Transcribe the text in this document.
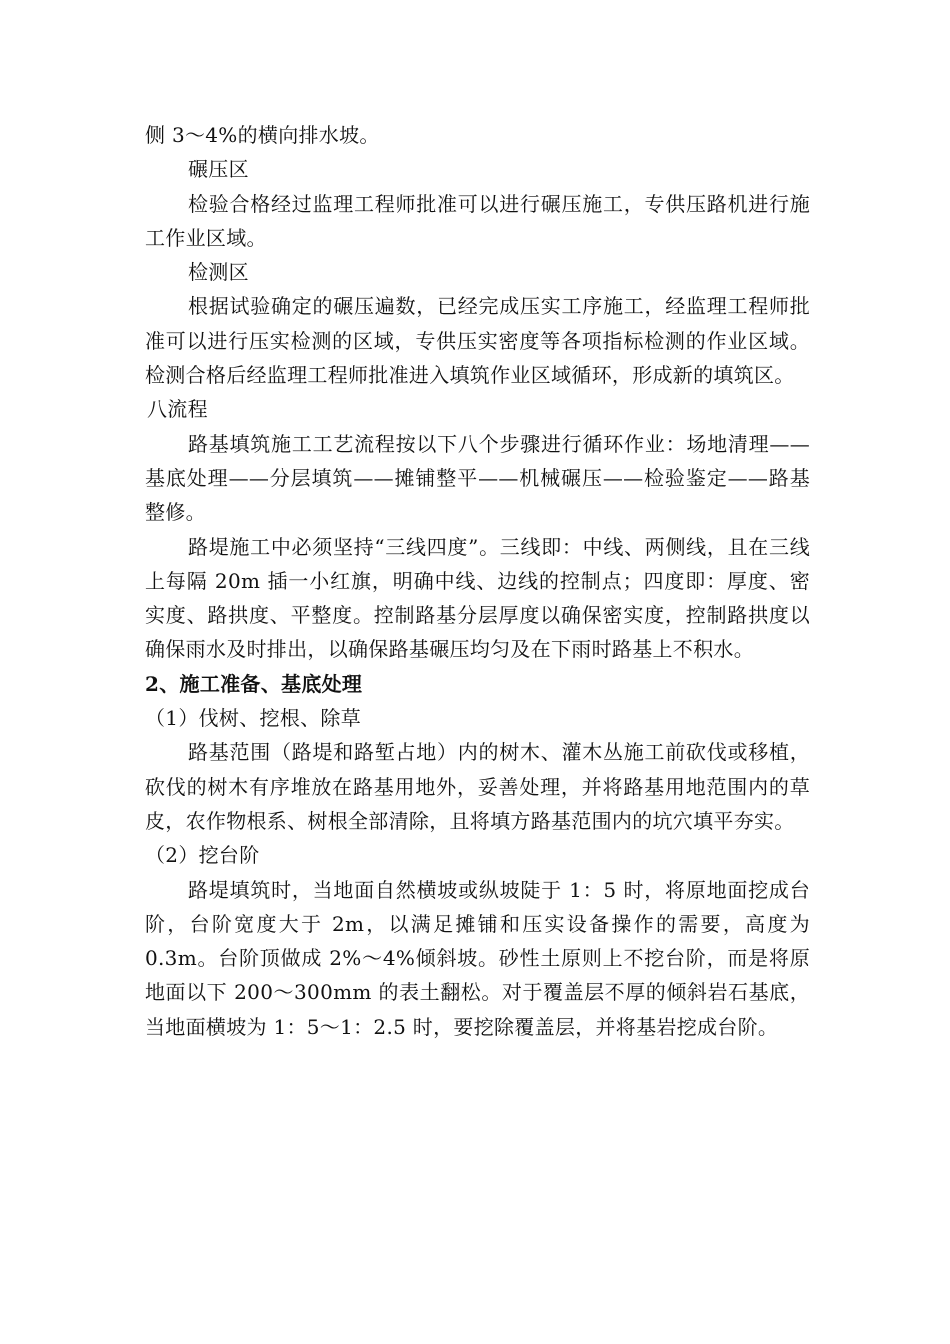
侧 3～4%的横向排水坡。

碾压区

检验合格经过监理工程师批准可以进行碾压施工，专供压路机进行施工作业区域。

检测区

根据试验确定的碾压遍数，已经完成压实工序施工，经监理工程师批准可以进行压实检测的区域，专供压实密度等各项指标检测的作业区域。检测合格后经监理工程师批准进入填筑作业区域循环，形成新的填筑区。

八流程

路基填筑施工工艺流程按以下八个步骤进行循环作业：场地清理——基底处理——分层填筑——摊铺整平——机械碾压——检验鉴定——路基整修。

路堤施工中必须坚持“三线四度”。三线即：中线、两侧线，且在三线上每隔 20m 插一小红旗，明确中线、边线的控制点；四度即：厚度、密实度、路拱度、平整度。控制路基分层厚度以确保密实度，控制路拱度以确保雨水及时排出，以确保路基碾压均匀及在下雨时路基上不积水。

2、施工准备、基底处理

（1）伐树、挖根、除草

路基范围（路堤和路堑占地）内的树木、灌木丛施工前砍伐或移植，砍伐的树木有序堆放在路基用地外，妥善处理，并将路基用地范围内的草皮，农作物根系、树根全部清除，且将填方路基范围内的坑穴填平夯实。

（2）挖台阶

路堤填筑时，当地面自然横坡或纵坡陡于 1：5 时，将原地面挖成台阶，台阶宽度大于 2m，以满足摊铺和压实设备操作的需要，高度为 0.3m。台阶顶做成 2%～4%倾斜坡。砂性土原则上不挖台阶，而是将原地面以下 200～300mm 的表土翻松。对于覆盖层不厚的倾斜岩石基底，当地面横坡为 1：5～1：2.5 时，要挖除覆盖层，并将基岩挖成台阶。
